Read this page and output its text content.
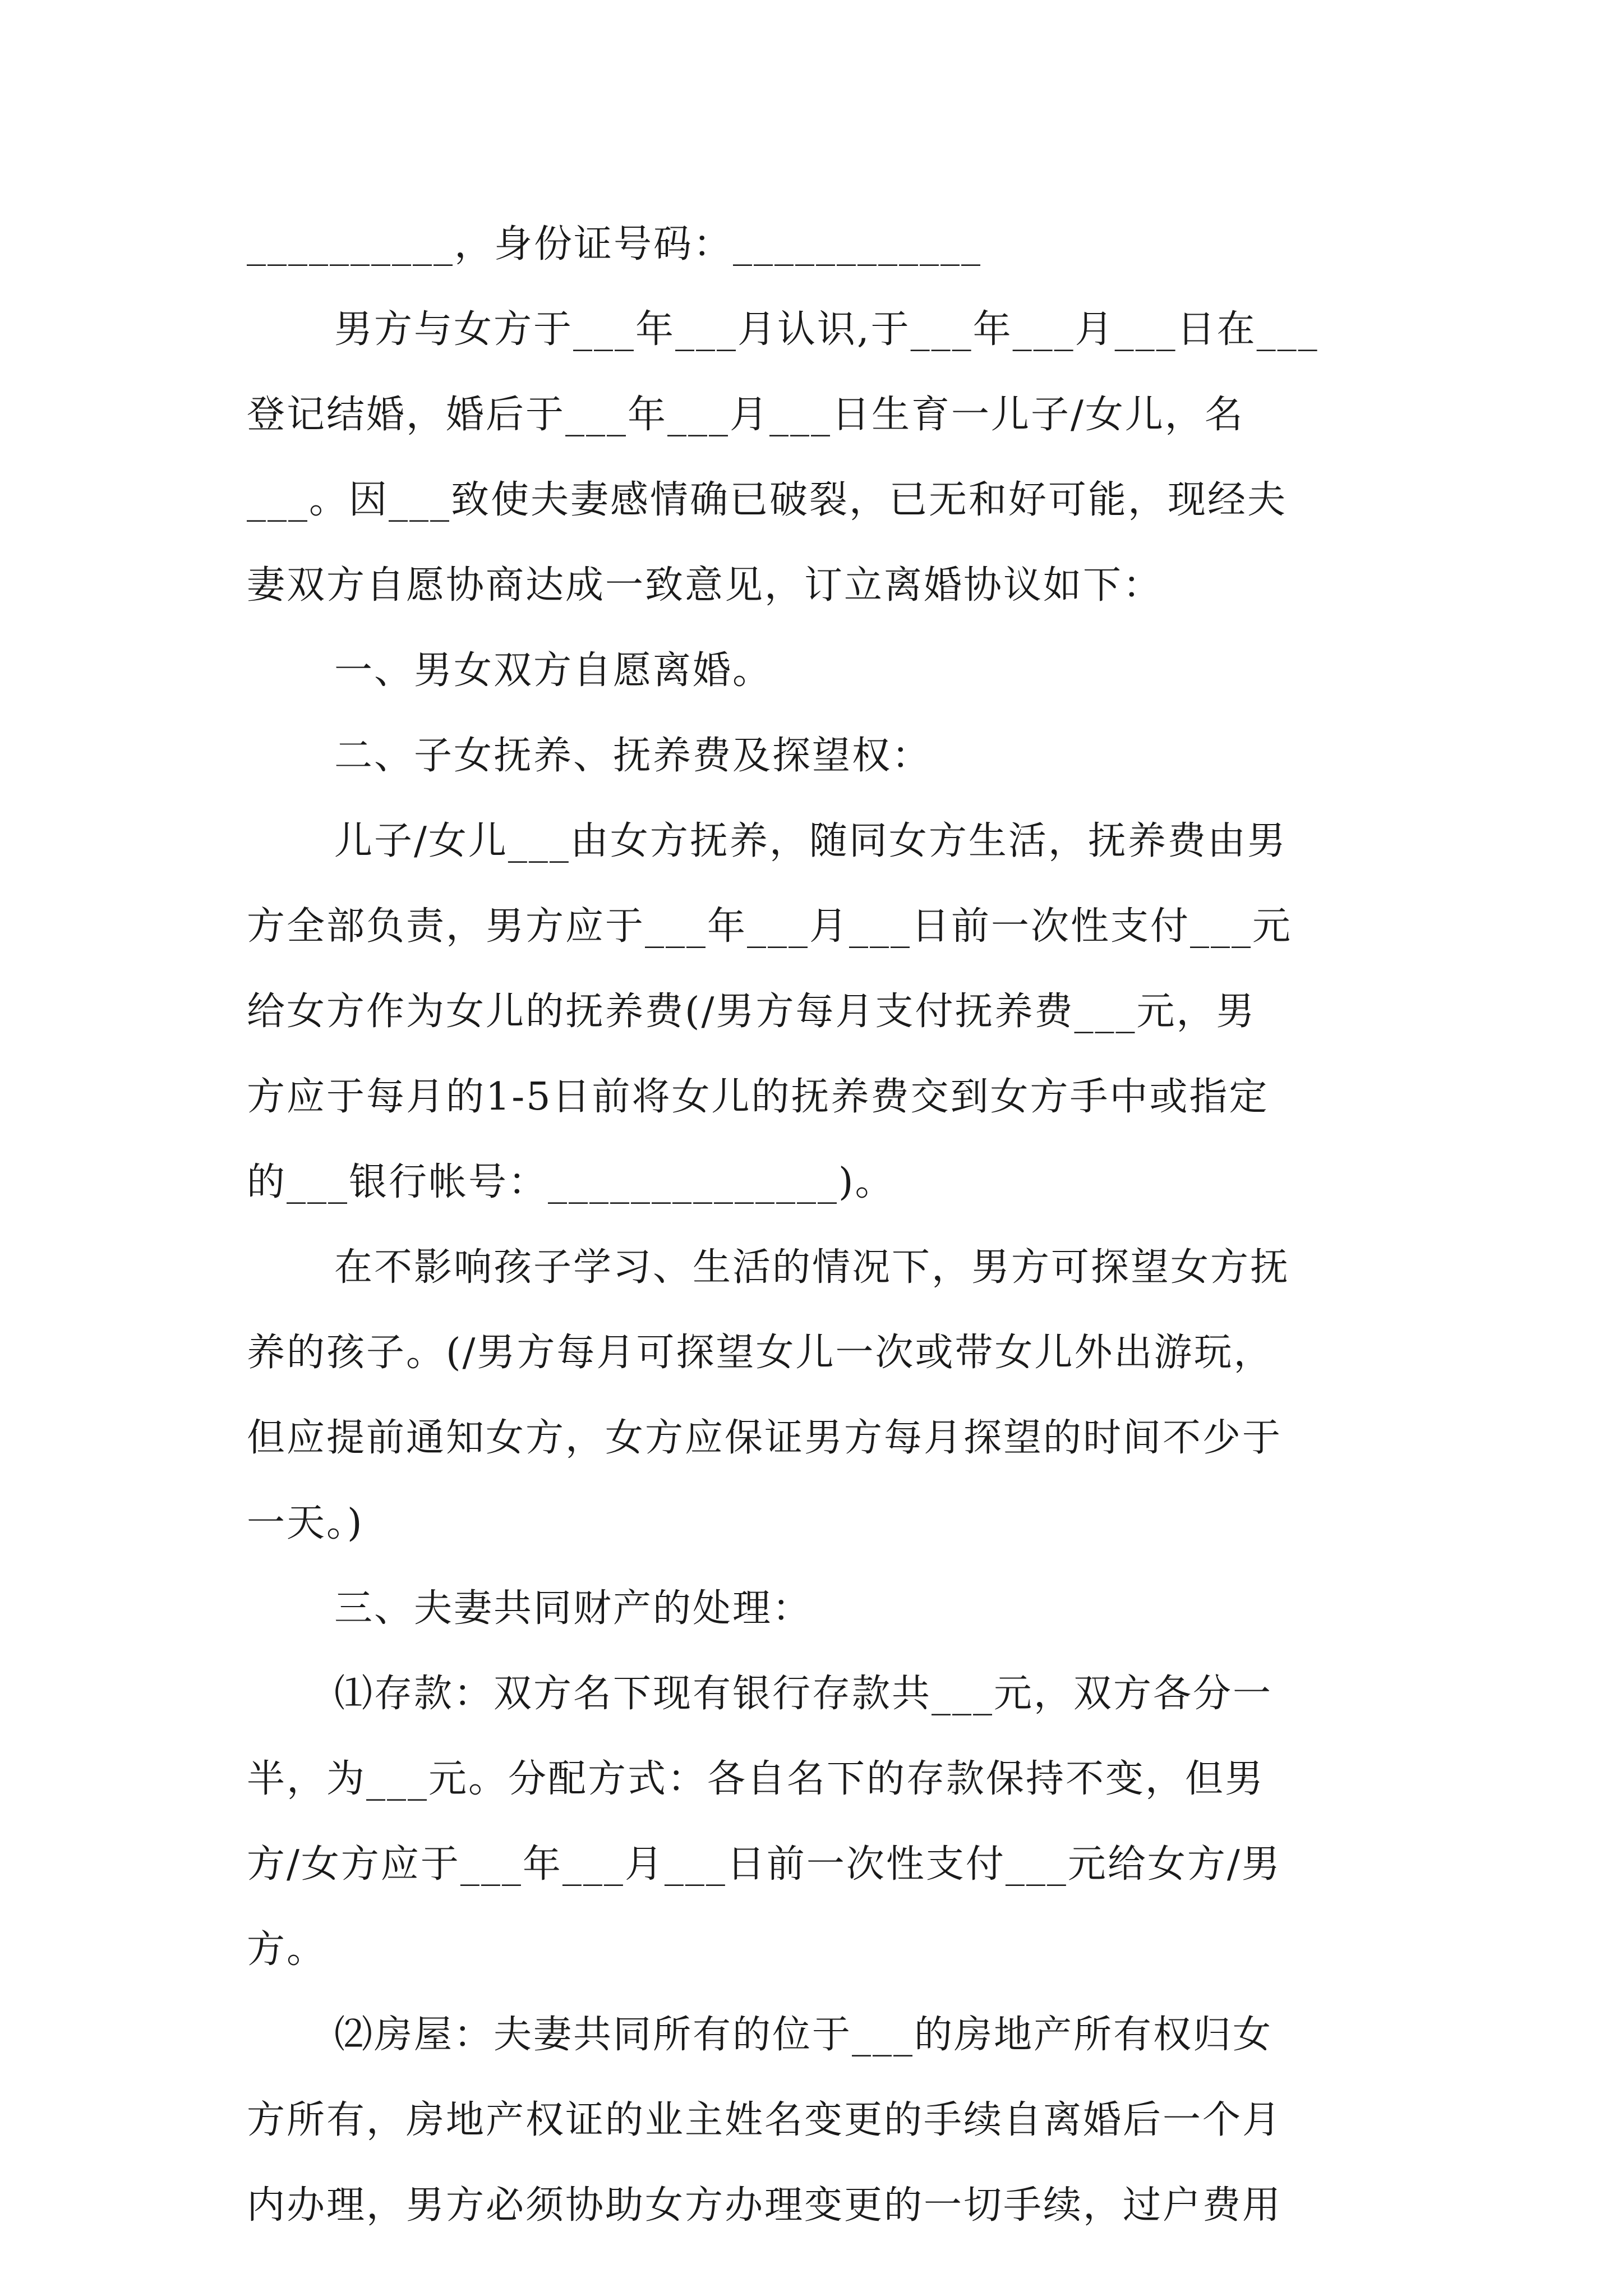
__________，身份证号码：____________
男方与女方于___年___月认识,于___年___月___日在___
登记结婚，婚后于___年___月___日生育一儿子/女儿，名
___。因___致使夫妻感情确已破裂，已无和好可能，现经夫
妻双方自愿协商达成一致意见，订立离婚协议如下：
一、男女双方自愿离婚。
二、子女抚养、抚养费及探望权：
儿子/女儿___由女方抚养，随同女方生活，抚养费由男
方全部负责，男方应于___年___月___日前一次性支付___元
给女方作为女儿的抚养费(/男方每月支付抚养费___元，男
方应于每月的1-5日前将女儿的抚养费交到女方手中或指定
的___银行帐号：______________)。
在不影响孩子学习、生活的情况下，男方可探望女方抚
养的孩子。(/男方每月可探望女儿一次或带女儿外出游玩，
但应提前通知女方，女方应保证男方每月探望的时间不少于
一天。)
三、夫妻共同财产的处理：
⑴存款：双方名下现有银行存款共___元，双方各分一
半，为___元。分配方式：各自名下的存款保持不变，但男
方/女方应于___年___月___日前一次性支付___元给女方/男
方。
⑵房屋：夫妻共同所有的位于___的房地产所有权归女
方所有，房地产权证的业主姓名变更的手续自离婚后一个月
内办理，男方必须协助女方办理变更的一切手续，过户费用
